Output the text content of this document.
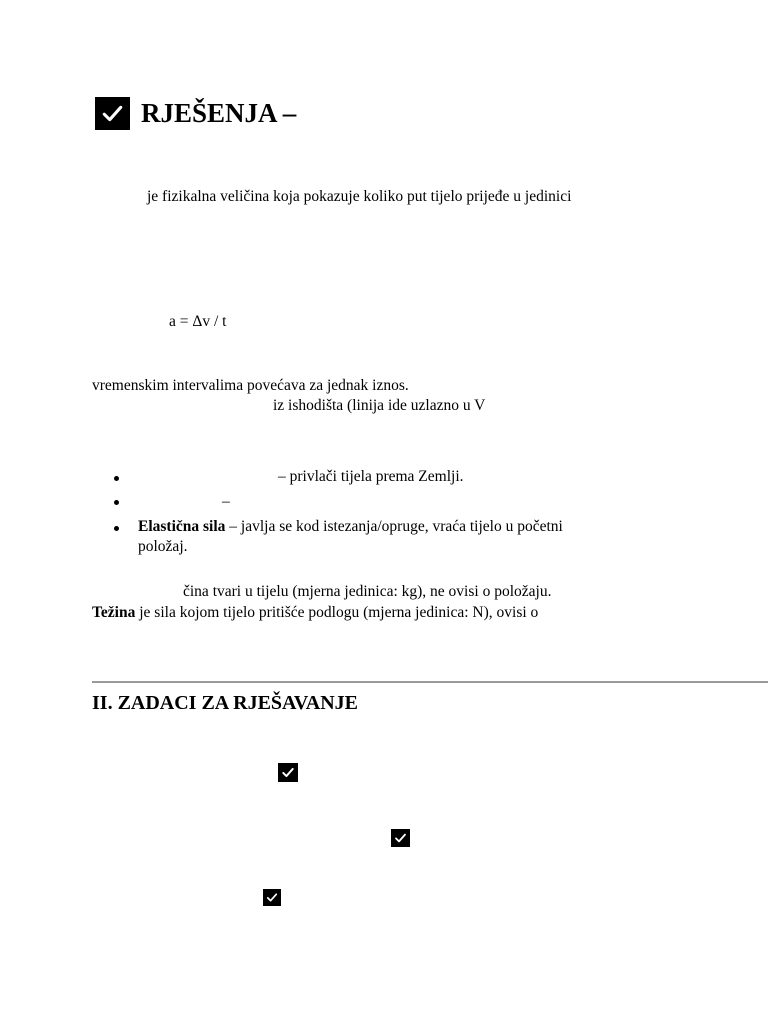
RJEŠENJA –

je fizikalna veličina koja pokazuje koliko put tijelo prijeđe u jedinici

a = Δv / t

vremenskim intervalima povećava za jednak iznos.

iz ishodišta (linija ide uzlazno u V

– privlači tijela prema Zemlji.

–

Elastična sila – javlja se kod istezanja/opruge, vraća tijelo u početni

položaj.

čina tvari u tijelu (mjerna jedinica: kg), ne ovisi o položaju.

Težina je sila kojom tijelo pritišće podlogu (mjerna jedinica: N), ovisi o

II. ZADACI ZA RJEŠAVANJE
